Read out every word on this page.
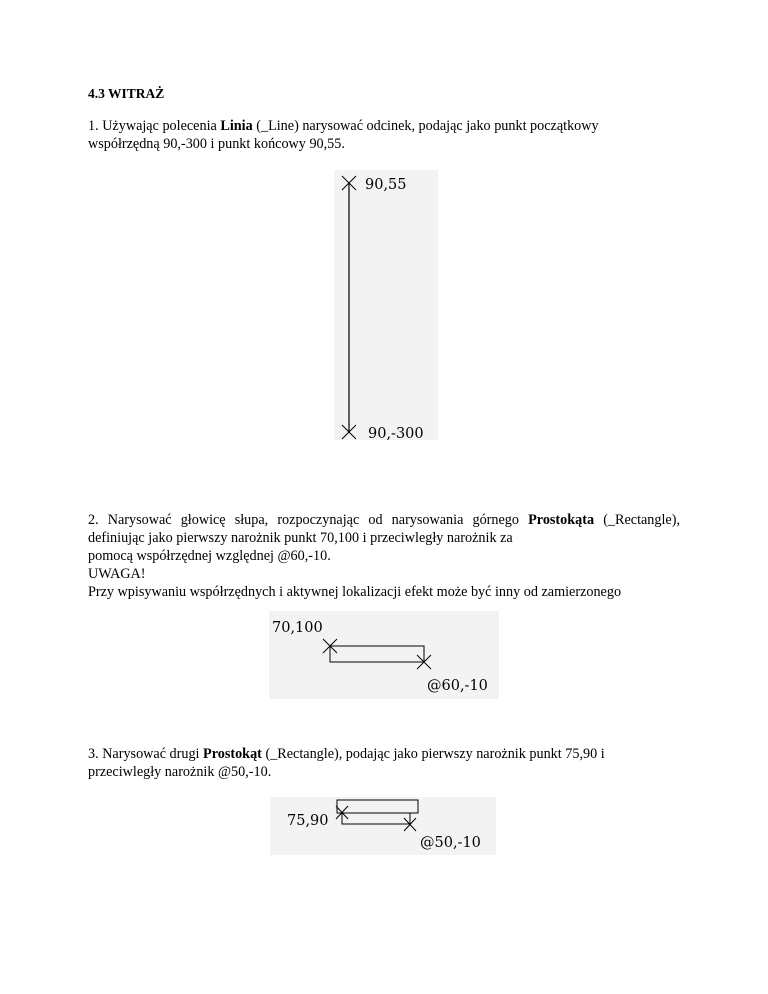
4.3 WITRAŻ

1. Używając polecenia Linia (_Line) narysować odcinek, podając jako punkt początkowy
współrzędną 90,-300 i punkt końcowy 90,55.

90,55
90,-300

2. Narysować głowicę słupa, rozpoczynając od narysowania górnego Prostokąta (_Rectangle), definiując jako pierwszy narożnik punkt 70,100 i przeciwległy narożnik za
pomocą współrzędnej względnej @60,-10.

UWAGA!

Przy wpisywaniu współrzędnych i aktywnej lokalizacji efekt może być inny od zamierzonego

70,100
@60,-10

3. Narysować drugi Prostokąt (_Rectangle), podając jako pierwszy narożnik punkt 75,90 i
przeciwległy narożnik @50,-10.

75,90
@50,-10
